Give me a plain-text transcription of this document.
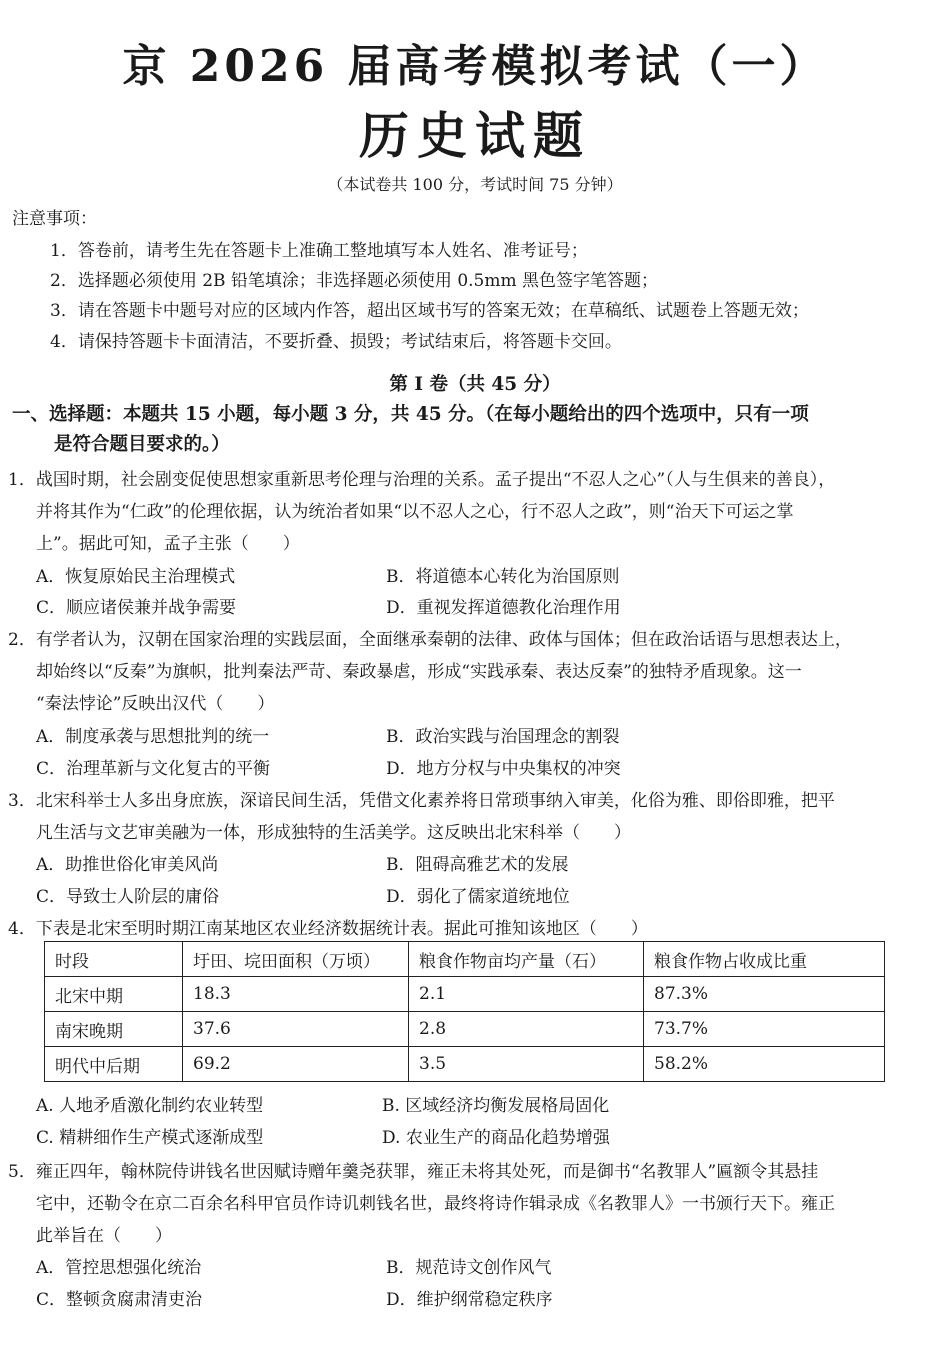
京 2026 届高考模拟考试（一）
历史试题
（本试卷共 100 分，考试时间 75 分钟）
注意事项：
1．答卷前，请考生先在答题卡上准确工整地填写本人姓名、准考证号；
2．选择题必须使用 2B 铅笔填涂；非选择题必须使用 0.5mm 黑色签字笔答题；
3．请在答题卡中题号对应的区域内作答，超出区域书写的答案无效；在草稿纸、试题卷上答题无效；
4．请保持答题卡卡面清洁，不要折叠、损毁；考试结束后，将答题卡交回。
第 I 卷（共 45 分）
一、选择题：本题共 15 小题，每小题 3 分，共 45 分。（在每小题给出的四个选项中，只有一项
是符合题目要求的。）
1．战国时期，社会剧变促使思想家重新思考伦理与治理的关系。孟子提出“不忍人之心”（人与生俱来的善良），
并将其作为“仁政”的伦理依据，认为统治者如果“以不忍人之心，行不忍人之政”，则“治天下可运之掌
上”。据此可知，孟子主张（　　）
A．恢复原始民主治理模式	B．将道德本心转化为治国原则
C．顺应诸侯兼并战争需要	D．重视发挥道德教化治理作用
2．有学者认为，汉朝在国家治理的实践层面，全面继承秦朝的法律、政体与国体；但在政治话语与思想表达上，
却始终以“反秦”为旗帜，批判秦法严苛、秦政暴虐，形成“实践承秦、表达反秦”的独特矛盾现象。这一
“秦法悖论”反映出汉代（　　）
A．制度承袭与思想批判的统一	B．政治实践与治国理念的割裂
C．治理革新与文化复古的平衡	D．地方分权与中央集权的冲突
3．北宋科举士人多出身庶族，深谙民间生活，凭借文化素养将日常琐事纳入审美，化俗为雅、即俗即雅，把平
凡生活与文艺审美融为一体，形成独特的生活美学。这反映出北宋科举（　　）
A．助推世俗化审美风尚	B．阻碍高雅艺术的发展
C．导致士人阶层的庸俗	D．弱化了儒家道统地位
4．下表是北宋至明时期江南某地区农业经济数据统计表。据此可推知该地区（　　）
时段	圩田、垸田面积（万顷）	粮食作物亩均产量（石）	粮食作物占收成比重
北宋中期	18.3	2.1	87.3%
南宋晚期	37.6	2.8	73.7%
明代中后期	69.2	3.5	58.2%
A. 人地矛盾激化制约农业转型	B. 区域经济均衡发展格局固化
C. 精耕细作生产模式逐渐成型	D. 农业生产的商品化趋势增强
5．雍正四年，翰林院侍讲钱名世因赋诗赠年羹尧获罪，雍正未将其处死，而是御书“名教罪人”匾额令其悬挂
宅中，还勒令在京二百余名科甲官员作诗讥刺钱名世，最终将诗作辑录成《名教罪人》一书颁行天下。雍正
此举旨在（　　）
A．管控思想强化统治	B．规范诗文创作风气
C．整顿贪腐肃清吏治	D．维护纲常稳定秩序
